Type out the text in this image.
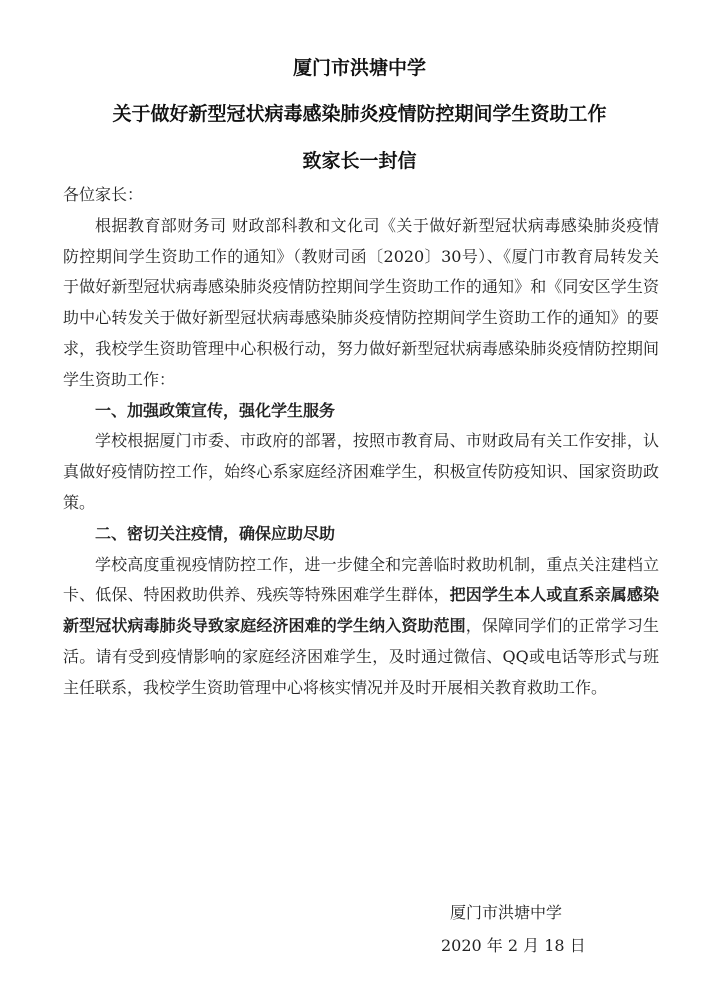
厦门市洪塘中学
关于做好新型冠状病毒感染肺炎疫情防控期间学生资助工作
致家长一封信

各位家长：

根据教育部财务司 财政部科教和文化司《关于做好新型冠状病毒感染肺炎疫情防控期间学生资助工作的通知》（教财司函〔2020〕30号）、《厦门市教育局转发关于做好新型冠状病毒感染肺炎疫情防控期间学生资助工作的通知》和《同安区学生资助中心转发关于做好新型冠状病毒感染肺炎疫情防控期间学生资助工作的通知》的要求，我校学生资助管理中心积极行动，努力做好新型冠状病毒感染肺炎疫情防控期间学生资助工作：

一、加强政策宣传，强化学生服务

学校根据厦门市委、市政府的部署，按照市教育局、市财政局有关工作安排，认真做好疫情防控工作，始终心系家庭经济困难学生，积极宣传防疫知识、国家资助政策。

二、密切关注疫情，确保应助尽助

学校高度重视疫情防控工作，进一步健全和完善临时救助机制，重点关注建档立卡、低保、特困救助供养、残疾等特殊困难学生群体，把因学生本人或直系亲属感染新型冠状病毒肺炎导致家庭经济困难的学生纳入资助范围，保障同学们的正常学习生活。请有受到疫情影响的家庭经济困难学生，及时通过微信、QQ或电话等形式与班主任联系，我校学生资助管理中心将核实情况并及时开展相关教育救助工作。

厦门市洪塘中学
2020 年 2 月 18 日
